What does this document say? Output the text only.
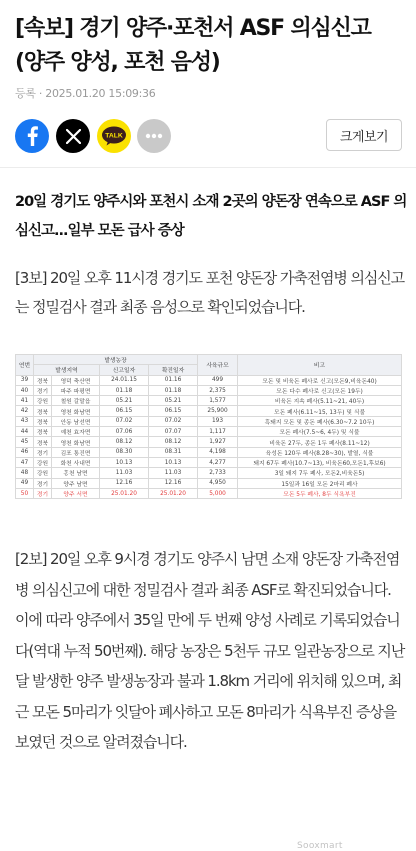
[속보] 경기 양주·포천서 ASF 의심신고
(양주 양성, 포천 음성)
등록 · 2025.01.20 15:09:36
TALK	크게보기
20일 경기도 양주시와 포천시 소재 2곳의 양돈장 연속으로 ASF 의심신고...일부 모돈 급사 증상

[3보] 20일 오후 11시경 경기도 포천 양돈장 가축전염병 의심신고는 정밀검사 결과 최종 음성으로 확인되었습니다.

연번	발생농장				사육규모	비고
	발생지역		신고일자	확진일자		
39	경북	영덕 축산면	24.01.15	01.16	499	모돈 및 비육돈 폐사로 신고(모돈9,비육돈40)
40	경기	파주 파평면	01.18	01.18	2,375	모돈 다수 폐사로 신고(모돈 19두)
41	강원	철원 갈말읍	05.21	05.21	1,577	비육돈 지속 폐사(5.11~21, 40두)
42	경북	영천 화남면	06.15	06.15	25,900	모돈 폐사(6.11~15, 13두) 및 식불
43	경북	안동 남선면	07.02	07.02	193	흑돼지 모돈 및 종돈 폐사(6.30~7.2 10두)
44	경북	예천 효자면	07.06	07.07	1,117	모돈 폐사(7.5~6, 4두) 및 식불
45	경북	영천 화남면	08.12	08.12	1,927	비육돈 27두, 종돈 1두 폐사(8.11~12)
46	경기	김포 통진면	08.30	08.31	4,198	육성돈 120두 폐사(8.28~30), 발열, 식불
47	강원	화천 사내면	10.13	10.13	4,277	돼지 67두 폐사(10.7~13), 비육돈60,모돈1,후보6)
48	강원	홍천 남면	11.03	11.03	2,733	3일 돼지 7두 폐사, 모돈2,비육돈5)
49	경기	양주 남면	12.16	12.16	4,950	15일과 16일 모돈 2마리 폐사
50	경기	양주 서면	25.01.20	25.01.20	5,000	모돈 5두 폐사, 8두 식욕부진
Sooxmart

[2보] 20일 오후 9시경 경기도 양주시 남면 소재 양돈장 가축전염병 의심신고에 대한 정밀검사 결과 최종 ASF로 확진되었습니다. 이에 따라 양주에서 35일 만에 두 번째 양성 사례로 기록되었습니다(역대 누적 50번째). 해당 농장은 5천두 규모 일관농장으로 지난달 발생한 양주 발생농장과 불과 1.8km 거리에 위치해 있으며, 최근 모돈 5마리가 잇달아 폐사하고 모돈 8마리가 식욕부진 증상을 보였던 것으로 알려졌습니다.
